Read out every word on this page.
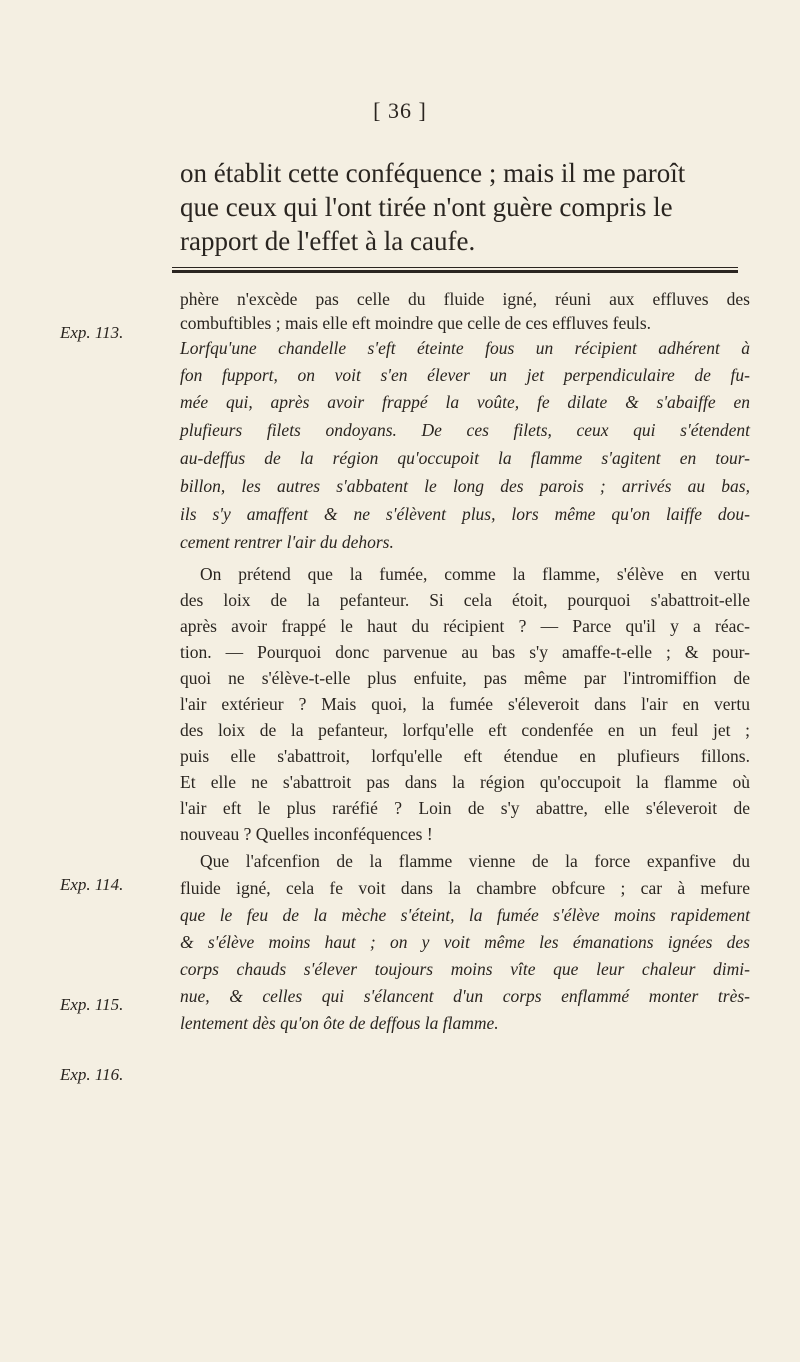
[ 36 ]
on établit cette conféquence ; mais il me paroît
que ceux qui l'ont tirée n'ont guère compris le
rapport de l'effet à la caufe.
Exp. 113.
Exp. 114.
Exp. 115.
Exp. 116.
phère n'excède pas celle du fluide igné, réuni aux effluves des
combuftibles ; mais elle eft moindre que celle de ces effluves feuls.
Lorfqu'une chandelle s'eft éteinte fous un récipient adhérent à
fon fupport, on voit s'en élever un jet perpendiculaire de fu-
mée qui, après avoir frappé la voûte, fe dilate & s'abaiffe en
plufieurs filets ondoyans. De ces filets, ceux qui s'étendent
au-deffus de la région qu'occupoit la flamme s'agitent en tour-
billon, les autres s'abbatent le long des parois ; arrivés au bas,
ils s'y amaffent & ne s'élèvent plus, lors même qu'on laiffe dou-
cement rentrer l'air du dehors.
On prétend que la fumée, comme la flamme, s'élève en vertu
des loix de la pefanteur. Si cela étoit, pourquoi s'abattroit-elle
après avoir frappé le haut du récipient ? — Parce qu'il y a réac-
tion. — Pourquoi donc parvenue au bas s'y amaffe-t-elle ; & pour-
quoi ne s'élève-t-elle plus enfuite, pas même par l'intromiffion de
l'air extérieur ? Mais quoi, la fumée s'éleveroit dans l'air en vertu
des loix de la pefanteur, lorfqu'elle eft condenfée en un feul jet ;
puis elle s'abattroit, lorfqu'elle eft étendue en plufieurs fillons.
Et elle ne s'abattroit pas dans la région qu'occupoit la flamme où
l'air eft le plus raréfié ? Loin de s'y abattre, elle s'éleveroit de
nouveau ? Quelles inconféquences !
Que l'afcenfion de la flamme vienne de la force expanfive du
fluide igné, cela fe voit dans la chambre obfcure ; car à mefure
que le feu de la mèche s'éteint, la fumée s'élève moins rapidement
& s'élève moins haut ; on y voit même les émanations ignées des
corps chauds s'élever toujours moins vîte que leur chaleur dimi-
nue, & celles qui s'élancent d'un corps enflammé monter très-
lentement dès qu'on ôte de deffous la flamme.
